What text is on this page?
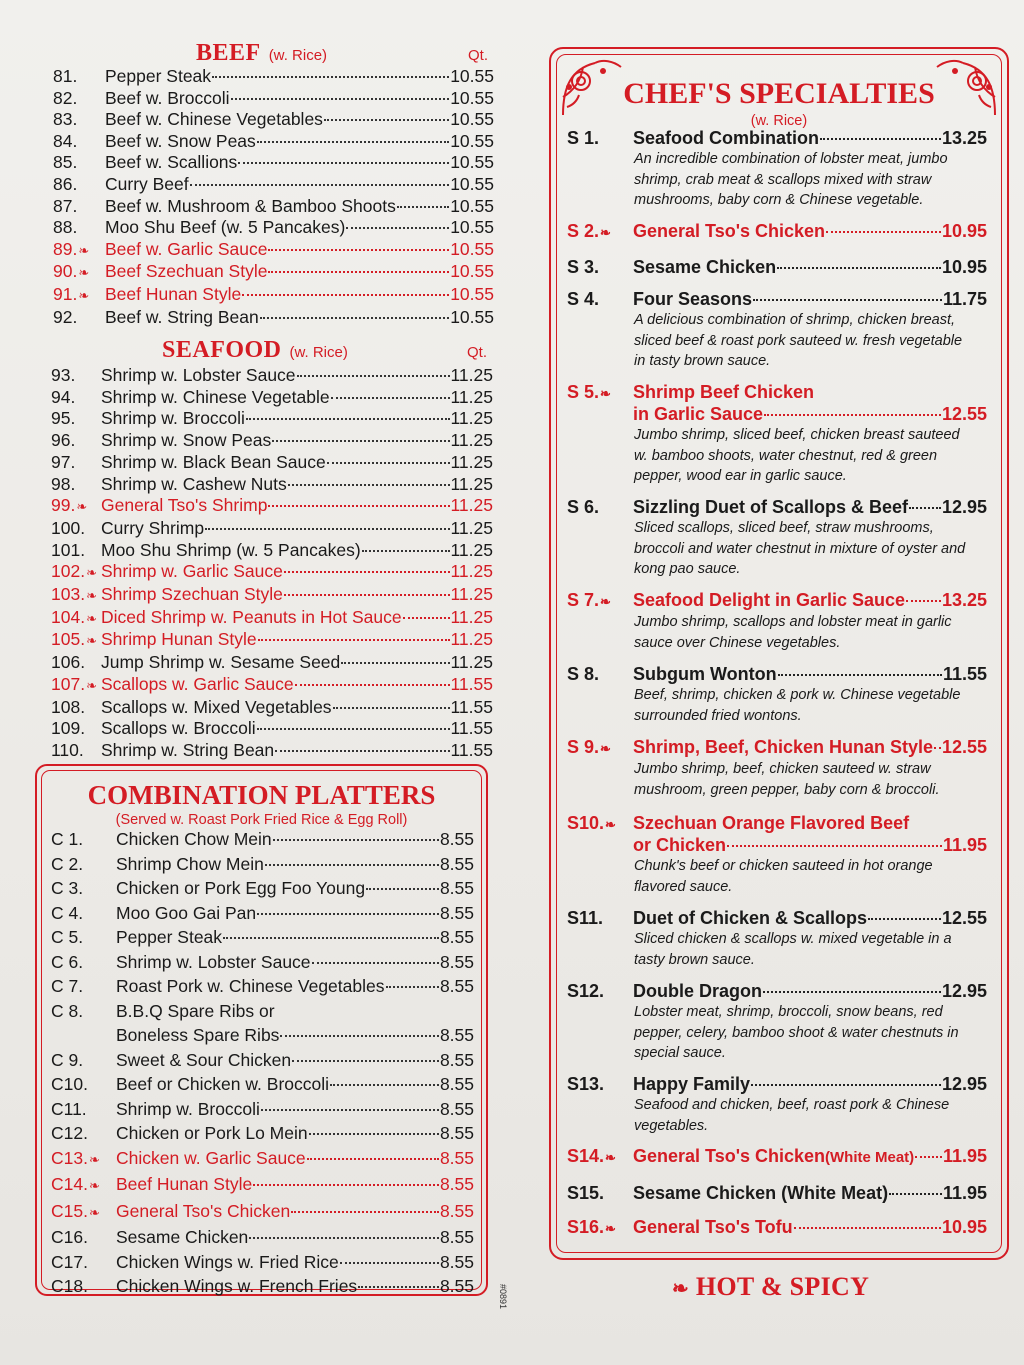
BEEF (w. Rice)	Qt.
81.	Pepper Steak	10.55
82.	Beef w. Broccoli	10.55
83.	Beef w. Chinese Vegetables	10.55
84.	Beef w. Snow Peas	10.55
85.	Beef w. Scallions	10.55
86.	Curry Beef	10.55
87.	Beef w. Mushroom & Bamboo Shoots	10.55
88.	Moo Shu Beef (w. 5 Pancakes)	10.55
89.❧ Beef w. Garlic Sauce	10.55
90.❧ Beef Szechuan Style	10.55
91.❧ Beef Hunan Style	10.55
92.	Beef w. String Bean	10.55
SEAFOOD (w. Rice)	Qt.
93.	Shrimp w. Lobster Sauce	11.25
94.	Shrimp w. Chinese Vegetable	11.25
95.	Shrimp w. Broccoli	11.25
96.	Shrimp w. Snow Peas	11.25
97.	Shrimp w. Black Bean Sauce	11.25
98.	Shrimp w. Cashew Nuts	11.25
99.❧ General Tso's Shrimp	11.25
100. Curry Shrimp	11.25
101. Moo Shu Shrimp (w. 5 Pancakes)	11.25
102.❧ Shrimp w. Garlic Sauce	11.25
103.❧ Shrimp Szechuan Style	11.25
104.❧ Diced Shrimp w. Peanuts in Hot Sauce	11.25
105.❧ Shrimp Hunan Style	11.25
106. Jump Shrimp w. Sesame Seed	11.25
107.❧ Scallops w. Garlic Sauce	11.55
108. Scallops w. Mixed Vegetables	11.55
109. Scallops w. Broccoli	11.55
110. Shrimp w. String Bean	11.55
COMBINATION PLATTERS
(Served w. Roast Pork Fried Rice & Egg Roll)
C 1.	Chicken Chow Mein	8.55
C 2.	Shrimp Chow Mein	8.55
C 3.	Chicken or Pork Egg Foo Young	8.55
C 4.	Moo Goo Gai Pan	8.55
C 5.	Pepper Steak	8.55
C 6.	Shrimp w. Lobster Sauce	8.55
C 7.	Roast Pork w. Chinese Vegetables	8.55
C 8.	B.B.Q Spare Ribs or
Boneless Spare Ribs	8.55
C 9.	Sweet & Sour Chicken	8.55
C10.	Beef or Chicken w. Broccoli	8.55
C11.	Shrimp w. Broccoli	8.55
C12.	Chicken or Pork Lo Mein	8.55
C13.❧ Chicken w. Garlic Sauce	8.55
C14.❧ Beef Hunan Style	8.55
C15.❧ General Tso's Chicken	8.55
C16.	Sesame Chicken	8.55
C17.	Chicken Wings w. Fried Rice	8.55
C18.	Chicken Wings w. French Fries	8.55
CHEF'S SPECIALTIES
(w. Rice)
S 1.	Seafood Combination	13.25
An incredible combination of lobster meat, jumbo shrimp, crab meat & scallops mixed with straw mushrooms, baby corn & Chinese vegetable.
S 2.❧	General Tso's Chicken	10.95
S 3.	Sesame Chicken	10.95
S 4.	Four Seasons	11.75
A delicious combination of shrimp, chicken breast, sliced beef & roast pork sauteed w. fresh vegetable in tasty brown sauce.
S 5.❧	Shrimp Beef Chicken
in Garlic Sauce	12.55
Jumbo shrimp, sliced beef, chicken breast sauteed w. bamboo shoots, water chestnut, red & green pepper, wood ear in garlic sauce.
S 6.	Sizzling Duet of Scallops & Beef 12.95
Sliced scallops, sliced beef, straw mushrooms, broccoli and water chestnut in mixture of oyster and kong pao sauce.
S 7.❧	Seafood Delight in Garlic Sauce 13.25
Jumbo shrimp, scallops and lobster meat in garlic sauce over Chinese vegetables.
S 8.	Subgum Wonton	11.55
Beef, shrimp, chicken & pork w. Chinese vegetable surrounded fried wontons.
S 9.❧	Shrimp, Beef, Chicken Hunan Style 12.55
Jumbo shrimp, beef, chicken sauteed w. straw mushroom, green pepper, baby corn & broccoli.
S10.❧ Szechuan Orange Flavored Beef
or Chicken	11.95
Chunk's beef or chicken sauteed in hot orange flavored sauce.
S11.	Duet of Chicken & Scallops	12.55
Sliced chicken & scallops w. mixed vegetable in a tasty brown sauce.
S12.	Double Dragon	12.95
Lobster meat, shrimp, broccoli, snow beans, red pepper, celery, bamboo shoot & water chestnuts in special sauce.
S13.	Happy Family	12.95
Seafood and chicken, beef, roast pork & Chinese vegetables.
S14.❧ General Tso's Chicken (White Meat) 11.95
S15.	Sesame Chicken (White Meat)	11.95
S16.❧ General Tso's Tofu	10.95
❧ HOT & SPICY
#0891
